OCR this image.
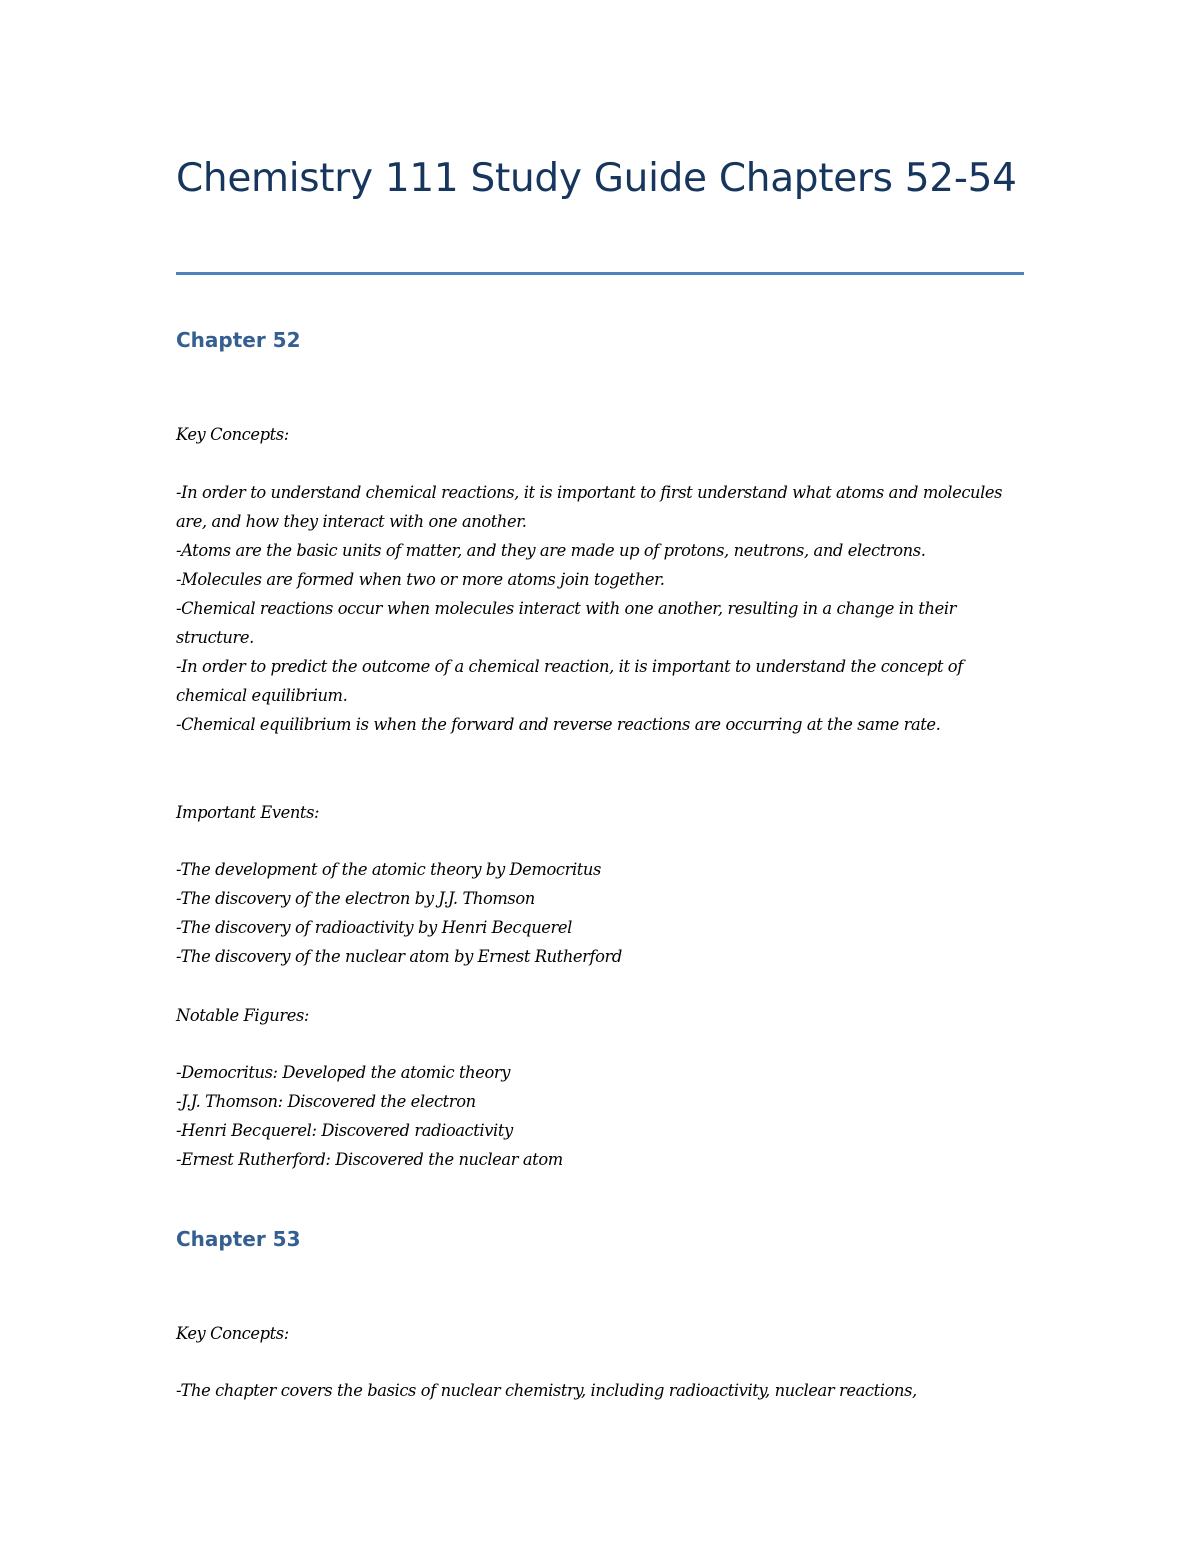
Chemistry 111 Study Guide Chapters 52-54
Chapter 52

Key Concepts:

-In order to understand chemical reactions, it is important to first understand what atoms and molecules are, and how they interact with one another.

-Atoms are the basic units of matter, and they are made up of protons, neutrons, and electrons.

-Molecules are formed when two or more atoms join together.

-Chemical reactions occur when molecules interact with one another, resulting in a change in their structure.

-In order to predict the outcome of a chemical reaction, it is important to understand the concept of chemical equilibrium.

-Chemical equilibrium is when the forward and reverse reactions are occurring at the same rate.

Important Events:

-The development of the atomic theory by Democritus

-The discovery of the electron by J.J. Thomson

-The discovery of radioactivity by Henri Becquerel

-The discovery of the nuclear atom by Ernest Rutherford

Notable Figures:

-Democritus: Developed the atomic theory

-J.J. Thomson: Discovered the electron

-Henri Becquerel: Discovered radioactivity

-Ernest Rutherford: Discovered the nuclear atom

Chapter 53

Key Concepts:

-The chapter covers the basics of nuclear chemistry, including radioactivity, nuclear reactions,
